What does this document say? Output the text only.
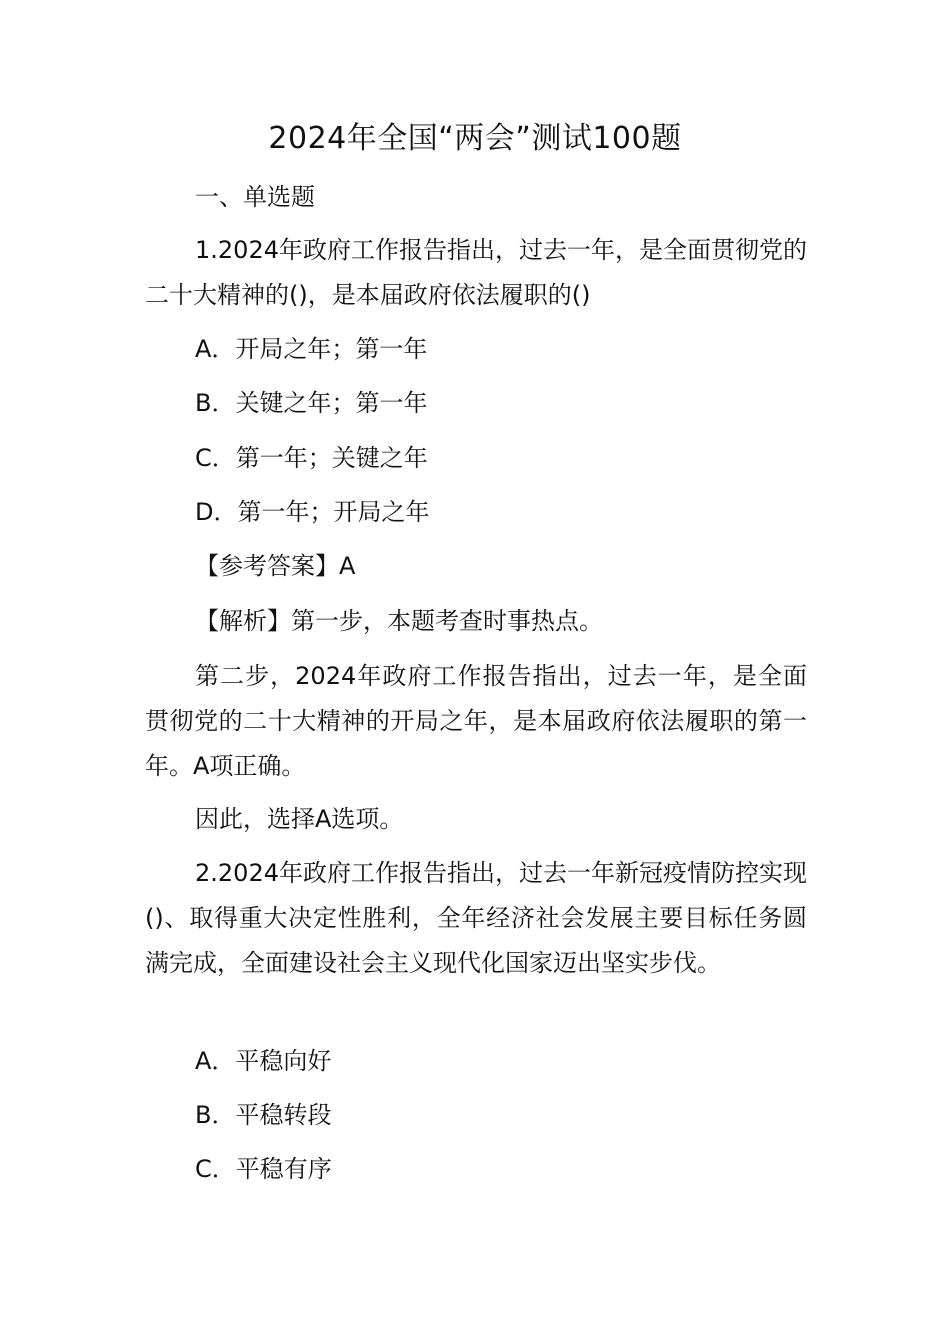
2024年全国“两会”测试100题

一、单选题

1.2024年政府工作报告指出，过去一年，是全面贯彻党的二十大精神的()，是本届政府依法履职的()

A．开局之年；第一年

B．关键之年；第一年

C．第一年；关键之年

D．第一年；开局之年

【参考答案】A

【解析】第一步，本题考查时事热点。

第二步，2024年政府工作报告指出，过去一年，是全面贯彻党的二十大精神的开局之年，是本届政府依法履职的第一年。A项正确。

因此，选择A选项。

2.2024年政府工作报告指出，过去一年新冠疫情防控实现()、取得重大决定性胜利，全年经济社会发展主要目标任务圆满完成，全面建设社会主义现代化国家迈出坚实步伐。

A．平稳向好

B．平稳转段

C．平稳有序
